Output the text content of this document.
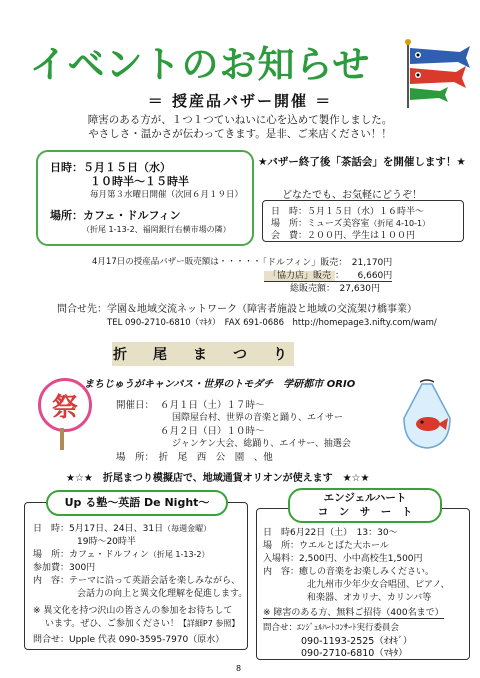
イベントのお知らせ
＝ 授産品バザー開催 ＝
障害のある方が、１つ１つていねいに心を込めて製作しました。
やさしさ・温かさが伝わってきます。是非、ご来店ください！！
日時：５月１５日（水）
１０時半～１５時半
毎月第３水曜日開催（次回６月１９日）
場所：カフェ・ドルフィン
（折尾 1-13-2、福岡銀行右横市場の隣）
★バザー終了後「茶話会」を開催します！★
どなたでも、お気軽にどうぞ！
日　時：５月１５日（水）１６時半～
場　所：ミューズ美容室（折尾 4-10-1）
会　費：２００円、学生は１００円
4月17日の授産品バザー販売額は・・・・・
「ドルフィン」販売：　21,170円
「協力店」販売 ：　　6,660円
総販売額：　27,630円
問合せ先：学園＆地域交流ネットワーク（障害者施設と地域の交流架け橋事業）
TEL 090-2710-6810（ﾏｷﾀ）　FAX 691-0686　http://homepage3.nifty.com/wam/
折　尾　ま　つ　り
まちじゅうがキャンパス・世界のトモダチ　学研都市 ORIO
祭	開催日： ６月１日（土）１７時～
国際屋台村、世界の音楽と踊り、エイサー
６月２日（日）１０時～
ジャンケン大会、総踊り、エイサー、抽選会
場　所：　折　尾　西　公　園　、他
★☆★　折尾まつり模擬店で、地域通貨オリオンが使えます　★☆★
Up る塾～英語 De Night～
日　時：5月17日、24日、31日（毎週金曜）
19時～20時半
場　所：カフェ・ドルフィン（折尾 1-13-2）
参加費：300円
内　容：テーマに沿って英語会話を楽しみながら、
会話力の向上と異文化理解を促進します。
※ 異文化を持つ沢山の皆さんの参加をお待ちして
います。ぜひ、ご参加ください！【詳細P7 参照】
問合せ：Upple 代表 090-3595-7970（原水）
エンジェルハート
コ　ン　サ　ー　ト
日　時6月22日（土）　13：30～
場　所：ウエルとばた大ホール
入場料：2,500円、小中高校生1,500円
内　容：癒しの音楽をお楽しみください。
北九州市少年少女合唱団、ピアノ、
和楽器、オカリナ、カリンバ等
※ 障害のある方、無料ご招待（400名まで）
問合せ：ｴﾝｼﾞｪﾙﾊｰﾄｺﾝｻｰﾄ実行委員会
090-1193-2525（ｵｵｷﾞ）
090-2710-6810（ﾏｷﾀ）
8
